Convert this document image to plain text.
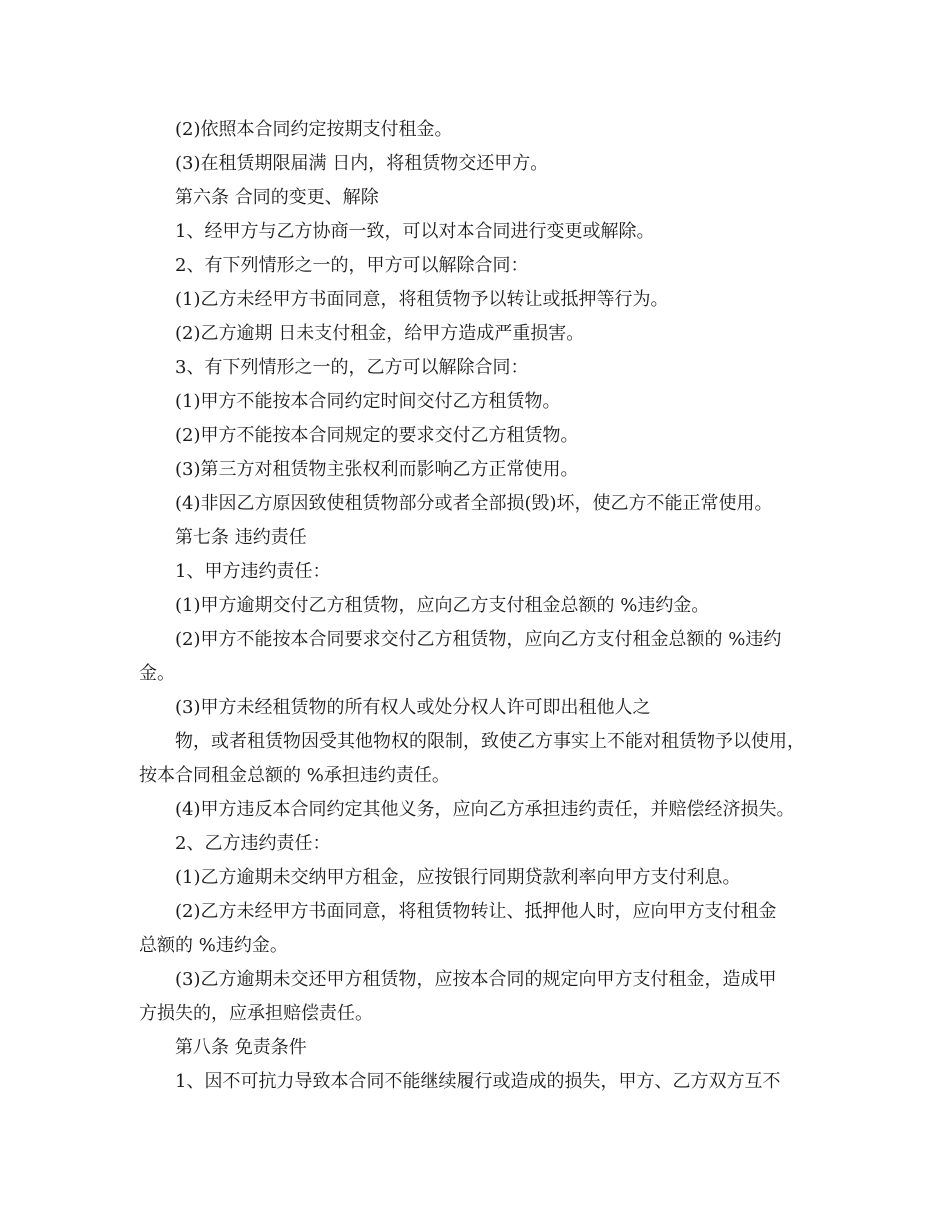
(2)依照本合同约定按期支付租金。
(3)在租赁期限届满 日内，将租赁物交还甲方。
第六条 合同的变更、解除
1、经甲方与乙方协商一致，可以对本合同进行变更或解除。
2、有下列情形之一的，甲方可以解除合同：
(1)乙方未经甲方书面同意，将租赁物予以转让或抵押等行为。
(2)乙方逾期 日未支付租金，给甲方造成严重损害。
3、有下列情形之一的，乙方可以解除合同：
(1)甲方不能按本合同约定时间交付乙方租赁物。
(2)甲方不能按本合同规定的要求交付乙方租赁物。
(3)第三方对租赁物主张权利而影响乙方正常使用。
(4)非因乙方原因致使租赁物部分或者全部损(毁)坏，使乙方不能正常使用。
第七条 违约责任
1、甲方违约责任：
(1)甲方逾期交付乙方租赁物，应向乙方支付租金总额的 %违约金。
(2)甲方不能按本合同要求交付乙方租赁物，应向乙方支付租金总额的 %违约
金。
(3)甲方未经租赁物的所有权人或处分权人许可即出租他人之
物，或者租赁物因受其他物权的限制，致使乙方事实上不能对租赁物予以使用，
按本合同租金总额的 %承担违约责任。
(4)甲方违反本合同约定其他义务，应向乙方承担违约责任，并赔偿经济损失。
2、乙方违约责任：
(1)乙方逾期未交纳甲方租金，应按银行同期贷款利率向甲方支付利息。
(2)乙方未经甲方书面同意，将租赁物转让、抵押他人时，应向甲方支付租金
总额的 %违约金。
(3)乙方逾期未交还甲方租赁物，应按本合同的规定向甲方支付租金，造成甲
方损失的，应承担赔偿责任。
第八条 免责条件
1、因不可抗力导致本合同不能继续履行或造成的损失，甲方、乙方双方互不
